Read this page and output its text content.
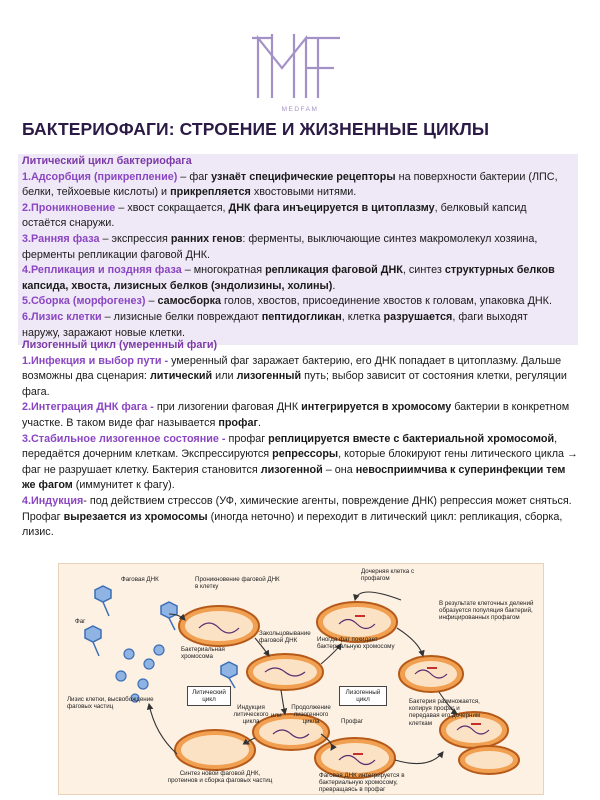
MEDFAM
БАКТЕРИОФАГИ: СТРОЕНИЕ И ЖИЗНЕННЫЕ ЦИКЛЫ

Литический цикл бактериофага

1.Адсорбция (прикрепление) – фаг узнаёт специфические рецепторы на поверхности бактерии (ЛПС, белки, тейхоевые кислоты) и прикрепляется хвостовыми нитями.

2.Проникновение – хвост сокращается, ДНК фага инъецируется в цитоплазму, белковый капсид остаётся снаружи.

3.Ранняя фаза – экспрессия ранних генов: ферменты, выключающие синтез макромолекул хозяина, ферменты репликации фаговой ДНК.

4.Репликация и поздняя фаза – многократная репликация фаговой ДНК, синтез структурных белков капсида, хвоста, лизисных белков (эндолизины, холины).

5.Сборка (морфогенез) – самосборка голов, хвостов, присоединение хвостов к головам, упаковка ДНК.

6.Лизис клетки – лизисные белки повреждают пептидогликан, клетка разрушается, фаги выходят наружу, заражают новые клетки.

Лизогенный цикл (умеренный фаги)

1.Инфекция и выбор пути - умеренный фаг заражает бактерию, его ДНК попадает в цитоплазму. Дальше возможны два сценария: литический или лизогенный путь; выбор зависит от состояния клетки, регуляции фага.

2.Интеграция ДНК фага - при лизогении фаговая ДНК интегрируется в хромосому бактерии в конкретном участке. В таком виде фаг называется профаг.

3.Стабильное лизогенное состояние - профаг реплицируется вместе с бактериальной хромосомой, передаётся дочерним клеткам. Экспрессируются репрессоры, которые блокируют гены литического цикла → фаг не разрушает клетку. Бактерия становится лизогенной – она невосприимчива к суперинфекции тем же фагом (иммунитет к фагу).

4.Индукция- под действием стрессов (УФ, химические агенты, повреждение ДНК) репрессия может сняться. Профаг вырезается из хромосомы (иногда неточно) и переходит в литический цикл: репликация, сборка, лизис.

Фаговая ДНК
Фаг
Проникновение фаговой ДНК в клетку
Бактериальная хромосома
Закольцовывание фаговой ДНК
Дочерняя клетка с профагом
В результате клеточных делений образуется популяция бактерий, инфицированных профагом
Иногда фаг покидает бактериальную хромосому
Литический цикл
Лизогенный цикл
Индукция литического цикла
или
Продолжение лизогенного цикла
Бактерия размножается, копируя профаг и передавая его дочерним клеткам
Лизис клетки, высвобождение фаговых частиц
Профаг
Синтез новой фаговой ДНК, протеинов и сборка фаговых частиц
Фаговая ДНК интегрируется в бактериальную хромосому, превращаясь в профаг
